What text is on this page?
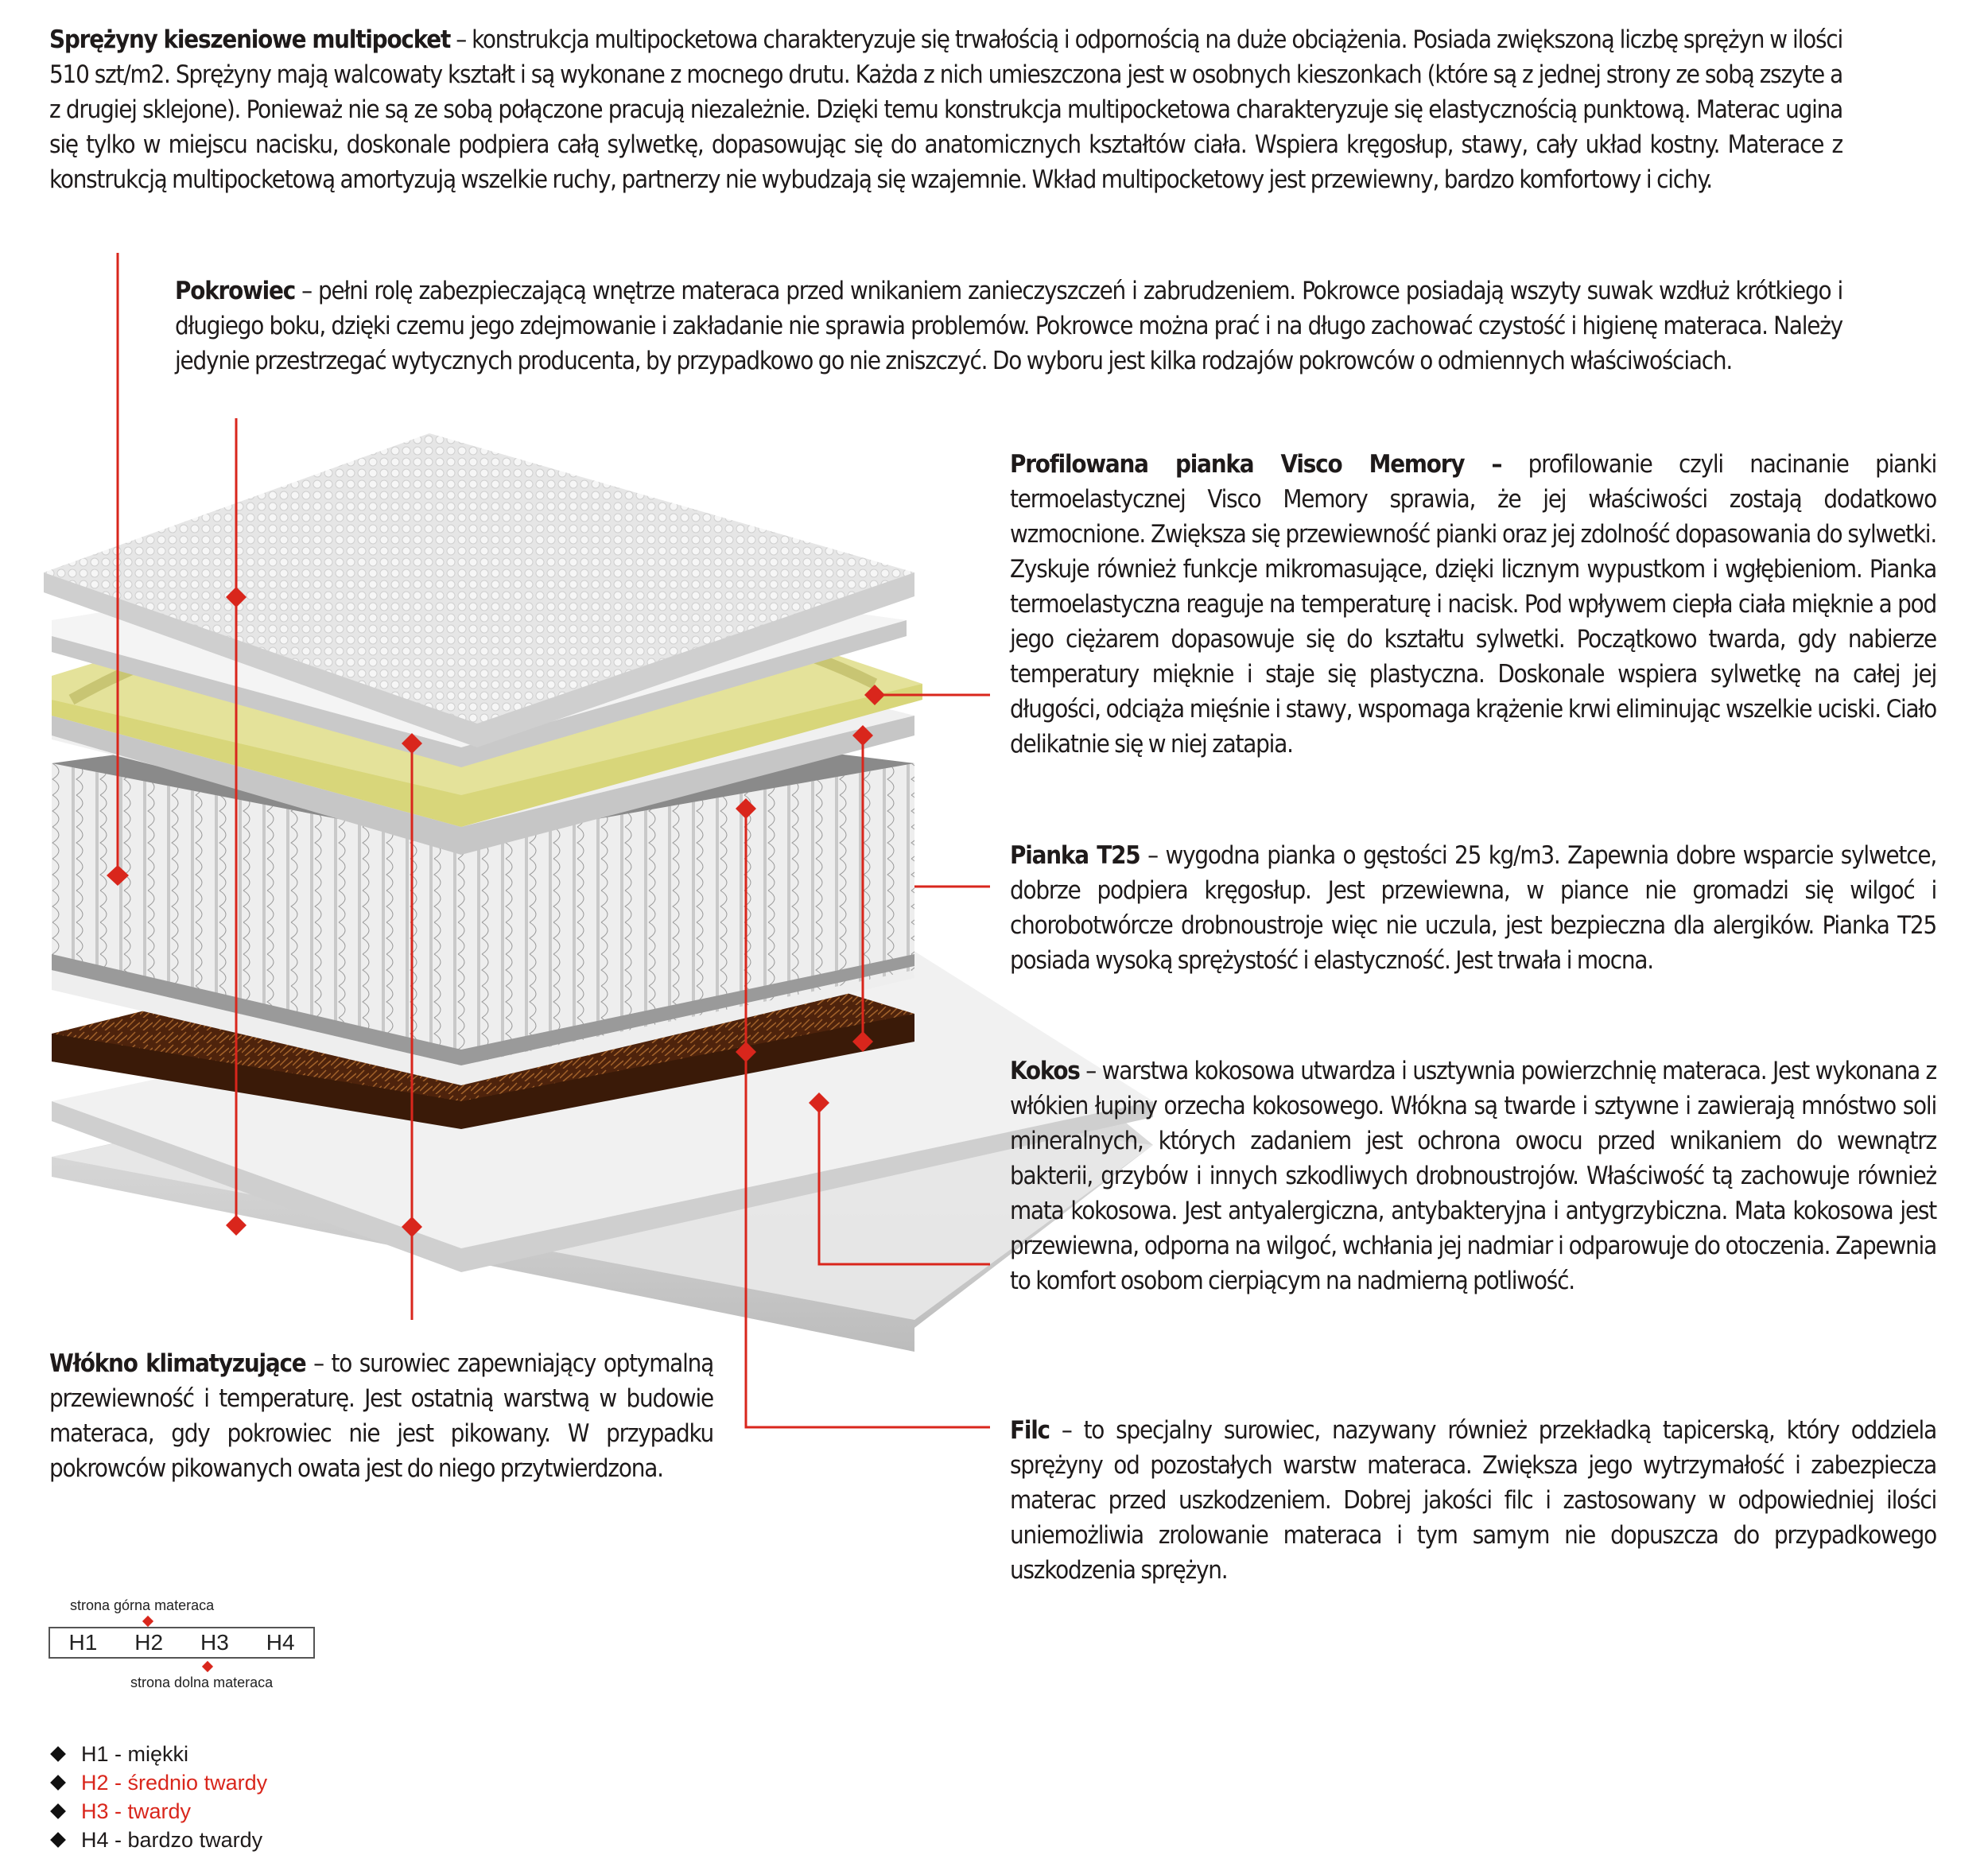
Sprężyny kieszeniowe multipocket – konstrukcja multipocketowa charakteryzuje się trwałością i odpornością na duże obciążenia. Posiada zwiększoną liczbę sprężyn w ilości 510 szt/m2. Sprężyny mają walcowaty kształt i są wykonane z mocnego drutu. Każda z nich umieszczona jest w osobnych kieszonkach (które są z jednej strony ze sobą zszyte a z drugiej sklejone). Ponieważ nie są ze sobą połączone pracują niezależnie. Dzięki temu konstrukcja multipocketowa charakteryzuje się elastycznością punktową. Materac ugina się tylko w miejscu nacisku, doskonale podpiera całą sylwetkę, dopasowując się do anatomicznych kształtów ciała. Wspiera kręgosłup, stawy, cały układ kostny. Materace z konstrukcją multipocketową amortyzują wszelkie ruchy, partnerzy nie wybudzają się wzajemnie. Wkład multipocketowy jest przewiewny, bardzo komfortowy i cichy.
Pokrowiec – pełni rolę zabezpieczającą wnętrze materaca przed wnikaniem zanieczyszczeń i zabrudzeniem. Pokrowce posiadają wszyty suwak wzdłuż krótkiego i długiego boku, dzięki czemu jego zdejmowanie i zakładanie nie sprawia problemów. Pokrowce można prać i na długo zachować czystość i higienę materaca. Należy jedynie przestrzegać wytycznych producenta, by przypadkowo go nie zniszczyć. Do wyboru jest kilka rodzajów pokrowców o odmiennych właściwościach.
Profilowana pianka Visco Memory – profilowanie czyli nacinanie pianki termoelastycznej Visco Memory sprawia, że jej właściwości zostają dodatkowo wzmocnione. Zwiększa się przewiewność pianki oraz jej zdolność dopasowania do sylwetki. Zyskuje również funkcje mikromasujące, dzięki licznym wypustkom i wgłębieniom. Pianka termoelastyczna reaguje na temperaturę i nacisk. Pod wpływem ciepła ciała mięknie a pod jego ciężarem dopasowuje się do kształtu sylwetki. Początkowo twarda, gdy nabierze temperatury mięknie i staje się plastyczna. Doskonale wspiera sylwetkę na całej jej długości, odciąża mięśnie i stawy, wspomaga krążenie krwi eliminując wszelkie uciski. Ciało delikatnie się w niej zatapia.
Pianka T25 – wygodna pianka o gęstości 25 kg/m3. Zapewnia dobre wsparcie sylwetce, dobrze podpiera kręgosłup. Jest przewiewna, w piance nie gromadzi się wilgoć i chorobotwórcze drobnoustroje więc nie uczula, jest bezpieczna dla alergików. Pianka T25 posiada wysoką sprężystość i elastyczność. Jest trwała i mocna.
Kokos – warstwa kokosowa utwardza i usztywnia powierzchnię materaca. Jest wykonana z włókien łupiny orzecha kokosowego. Włókna są twarde i sztywne i zawierają mnóstwo soli mineralnych, których zadaniem jest ochrona owocu przed wnikaniem do wewnątrz bakterii, grzybów i innych szkodliwych drobnoustrojów. Właściwość tą zachowuje również mata kokosowa. Jest antyalergiczna, antybakteryjna i antygrzybiczna. Mata kokosowa jest przewiewna, odporna na wilgoć, wchłania jej nadmiar i odparowuje do otoczenia. Zapewnia to komfort osobom cierpiącym na nadmierną potliwość.
Filc – to specjalny surowiec, nazywany również przekładką tapicerską, który oddziela sprężyny od pozostałych warstw materaca. Zwiększa jego wytrzymałość i zabezpiecza materac przed uszkodzeniem. Dobrej jakości filc i zastosowany w odpowiedniej ilości uniemożliwia zrolowanie materaca i tym samym nie dopuszcza do przypadkowego uszkodzenia sprężyn.
Włókno klimatyzujące – to surowiec zapewniający optymalną przewiewność i temperaturę. Jest ostatnią warstwą w budowie materaca, gdy pokrowiec nie jest pikowany. W przypadku pokrowców pikowanych owata jest do niego przytwierdzona.
strona górna materaca
H1 H2 H3 H4
strona dolna materaca
H1 - miękki
H2 - średnio twardy
H3 - twardy
H4 - bardzo twardy
